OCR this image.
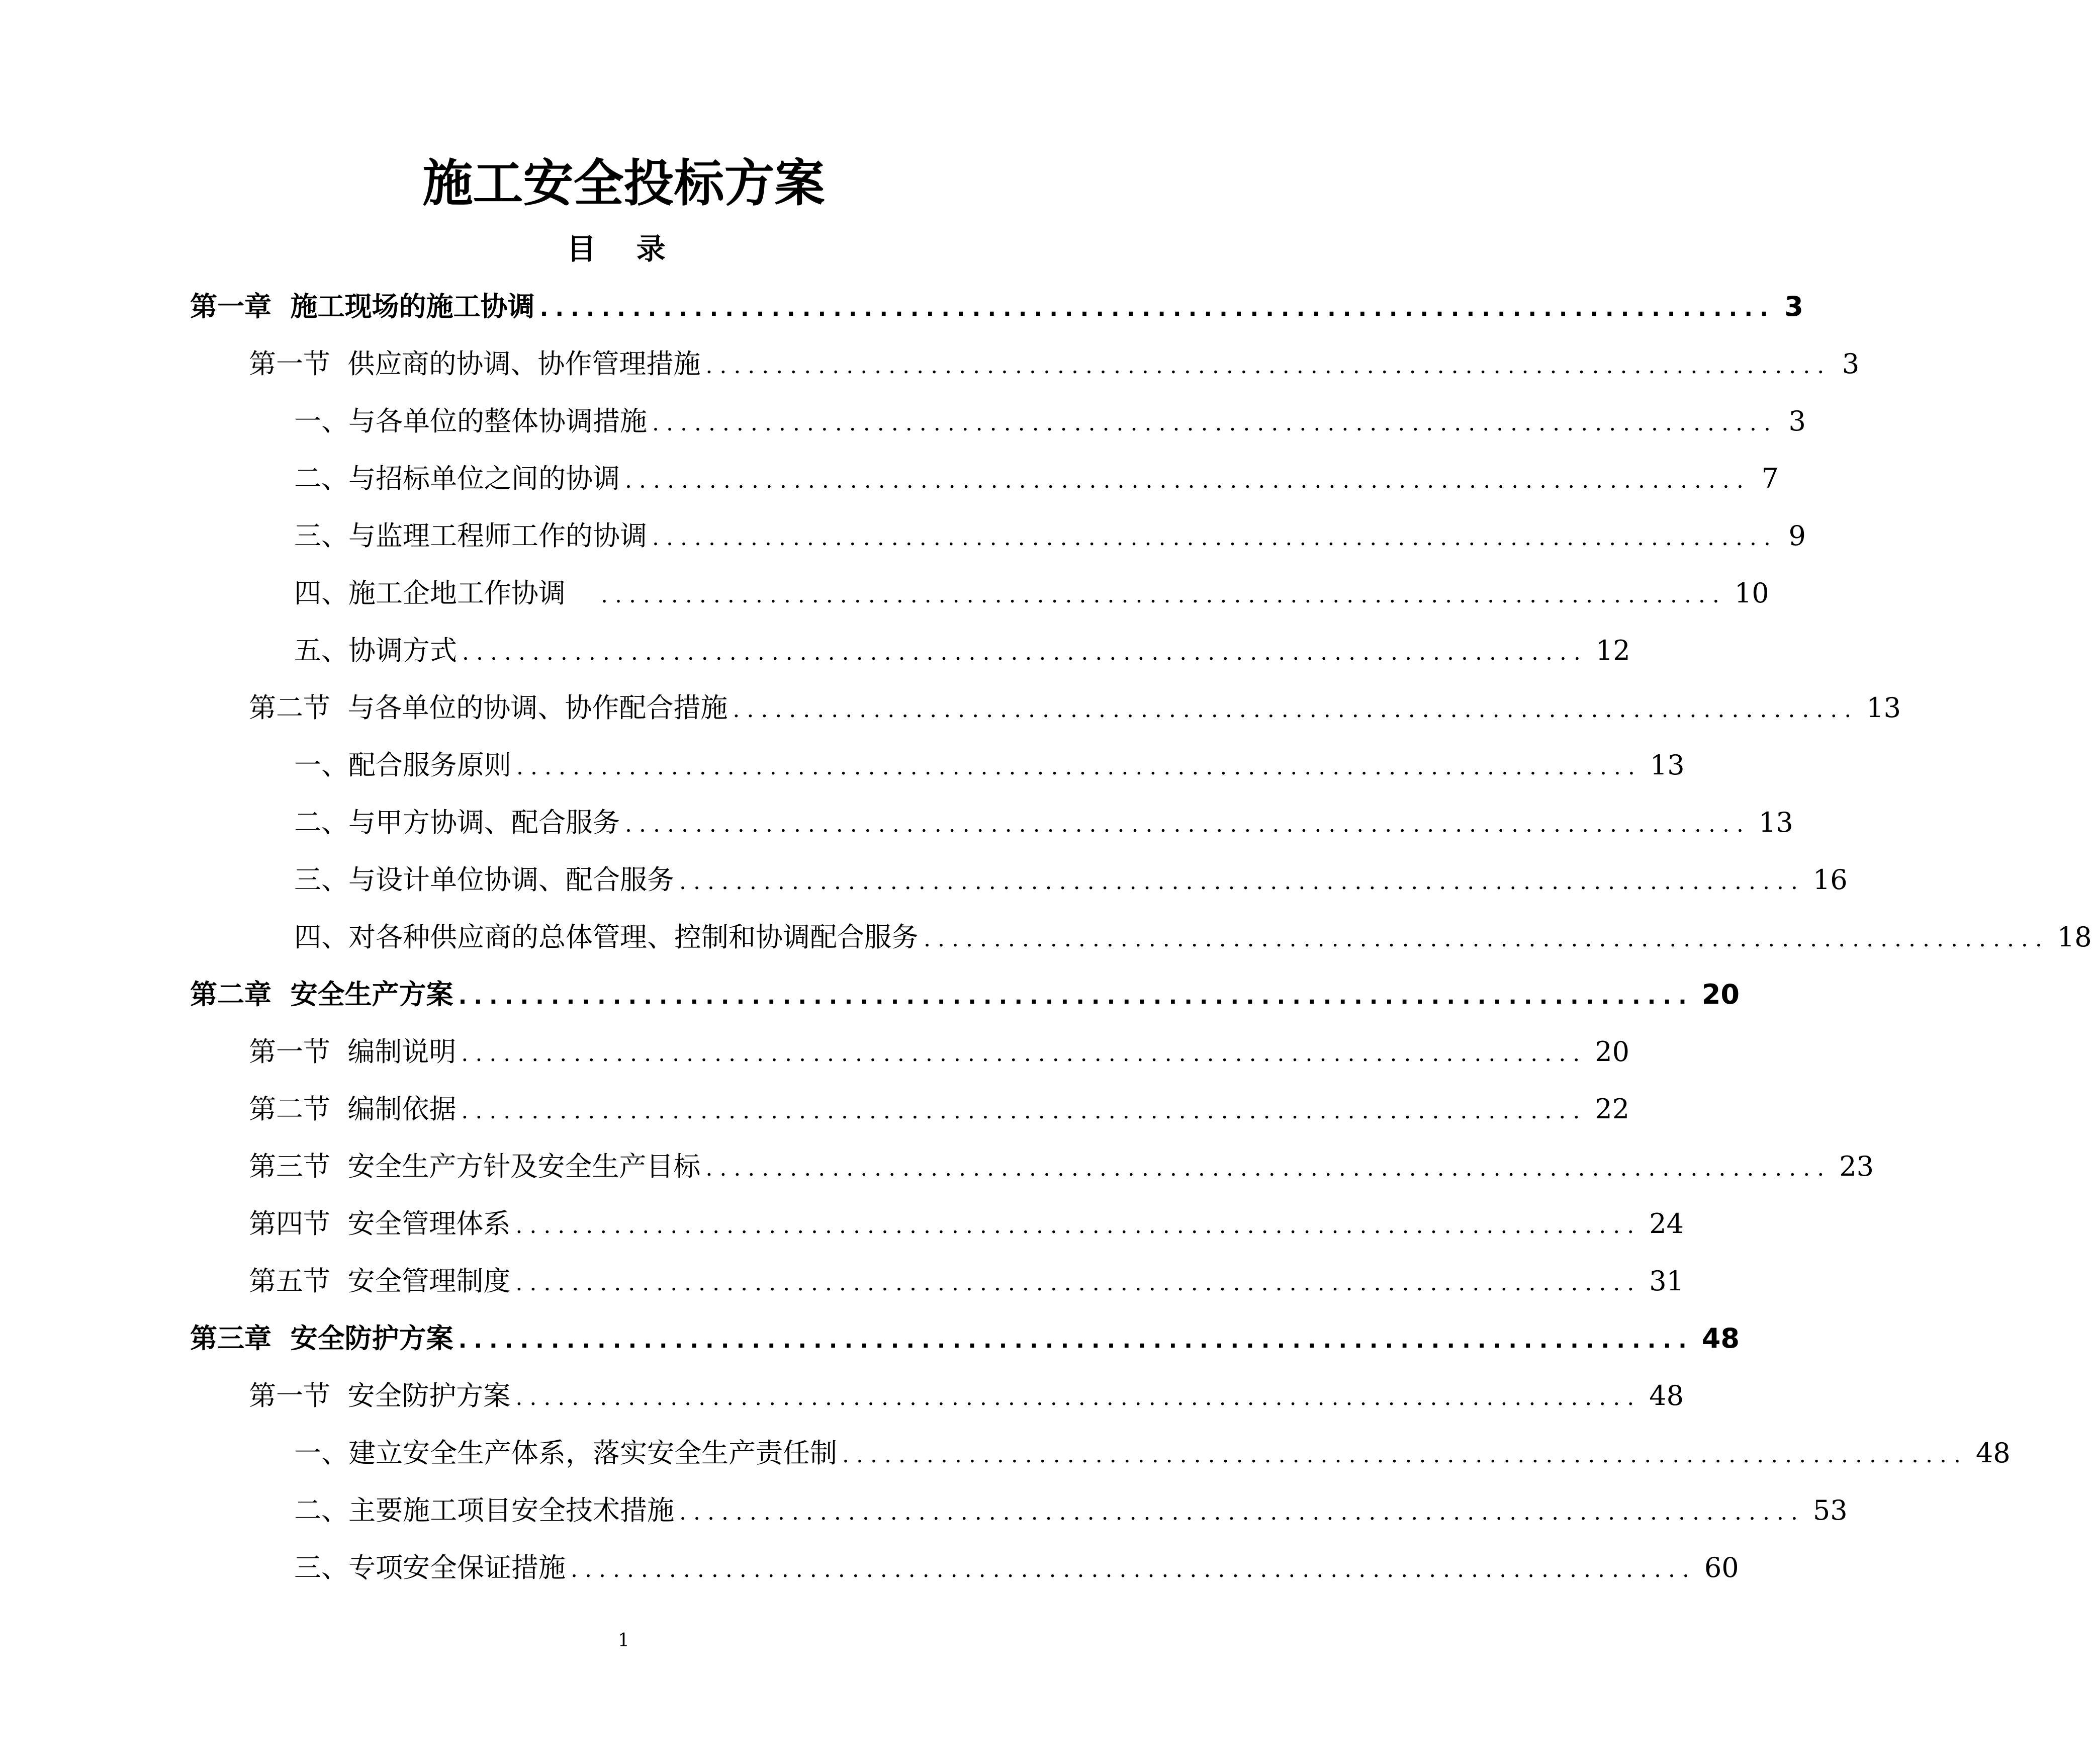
施工安全投标方案
目 录
第一章  施工现场的施工协调 ................................................................................ 3
第一节  供应商的协调、协作管理措施 ................................................................................ 3
一、与各单位的整体协调措施 ................................................................................ 3
二、与招标单位之间的协调 ................................................................................ 7
三、与监理工程师工作的协调 ................................................................................ 9
四、施工企地工作协调 ................................................................................ 10
五、协调方式 ................................................................................ 12
第二节  与各单位的协调、协作配合措施 ................................................................................ 13
一、配合服务原则 ................................................................................ 13
二、与甲方协调、配合服务 ................................................................................ 13
三、与设计单位协调、配合服务 ................................................................................ 16
四、对各种供应商的总体管理、控制和协调配合服务 ................................................................................ 18
第二章  安全生产方案 ................................................................................ 20
第一节  编制说明 ................................................................................ 20
第二节  编制依据 ................................................................................ 22
第三节  安全生产方针及安全生产目标 ................................................................................ 23
第四节  安全管理体系 ................................................................................ 24
第五节  安全管理制度 ................................................................................ 31
第三章  安全防护方案 ................................................................................ 48
第一节  安全防护方案 ................................................................................ 48
一、建立安全生产体系，落实安全生产责任制 ................................................................................ 48
二、主要施工项目安全技术措施 ................................................................................ 53
三、专项安全保证措施 ................................................................................ 60
1
